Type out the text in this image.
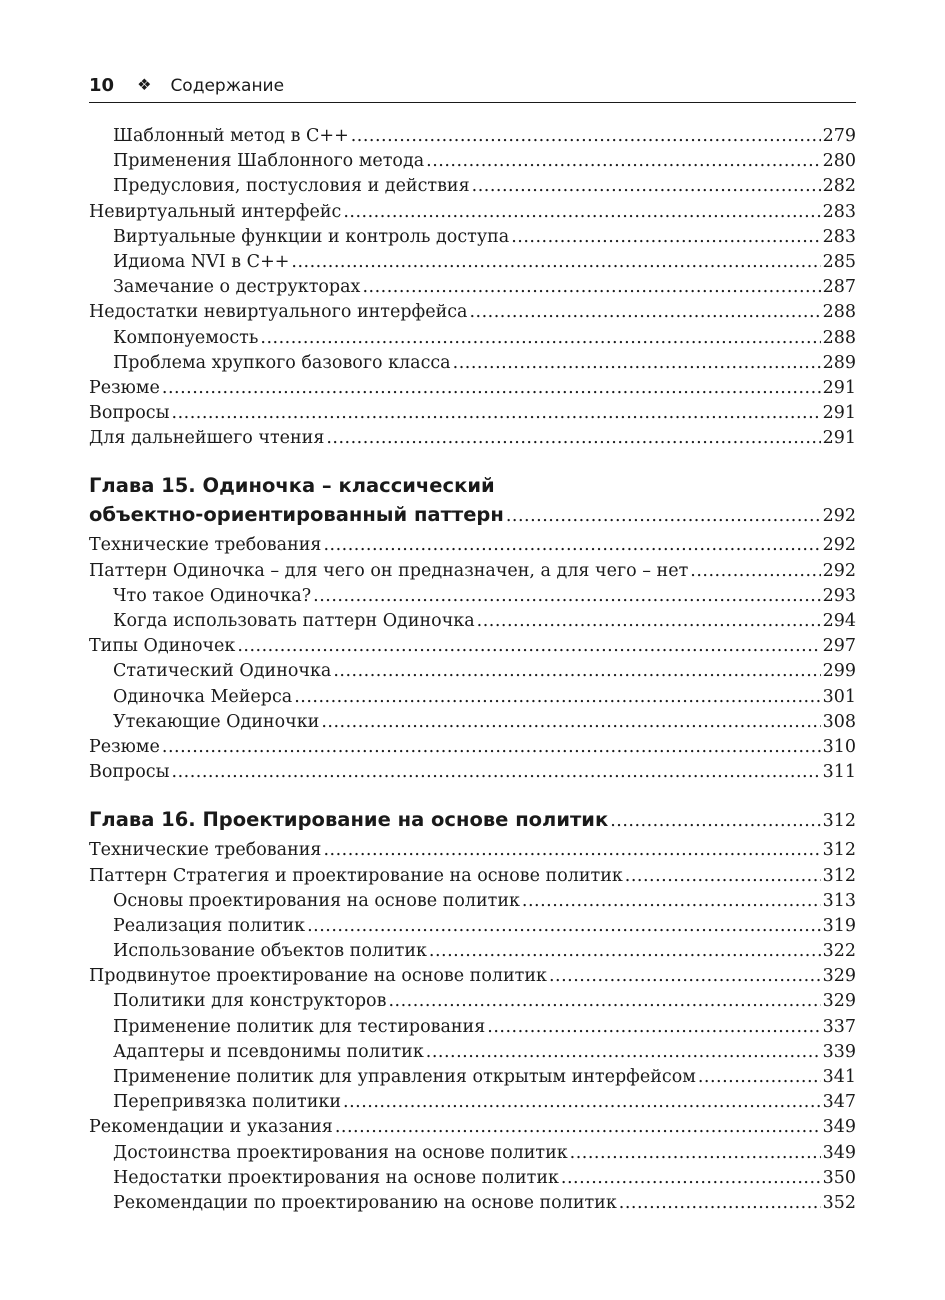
10 ❖ Содержание
Шаблонный метод в C++ .....	279
Применения Шаблонного метода .....	280
Предусловия, постусловия и действия .....	282
Невиртуальный интерфейс .....	283
Виртуальные функции и контроль доступа .....	283
Идиома NVI в C++ .....	285
Замечание о деструкторах .....	287
Недостатки невиртуального интерфейса .....	288
Компонуемость .....	288
Проблема хрупкого базового класса .....	289
Резюме .....	291
Вопросы .....	291
Для дальнейшего чтения .....	291
Глава 15. Одиночка – классический
объектно-ориентированный паттерн .....	292
Технические требования .....	292
Паттерн Одиночка – для чего он предназначен, а для чего – нет .....	292
Что такое Одиночка? .....	293
Когда использовать паттерн Одиночка .....	294
Типы Одиночек .....	297
Статический Одиночка .....	299
Одиночка Мейерса .....	301
Утекающие Одиночки .....	308
Резюме .....	310
Вопросы .....	311
Глава 16. Проектирование на основе политик .....	312
Технические требования .....	312
Паттерн Стратегия и проектирование на основе политик .....	312
Основы проектирования на основе политик .....	313
Реализация политик .....	319
Использование объектов политик .....	322
Продвинутое проектирование на основе политик .....	329
Политики для конструкторов .....	329
Применение политик для тестирования .....	337
Адаптеры и псевдонимы политик .....	339
Применение политик для управления открытым интерфейсом .....	341
Перепривязка политики .....	347
Рекомендации и указания .....	349
Достоинства проектирования на основе политик .....	349
Недостатки проектирования на основе политик .....	350
Рекомендации по проектированию на основе политик .....	352
